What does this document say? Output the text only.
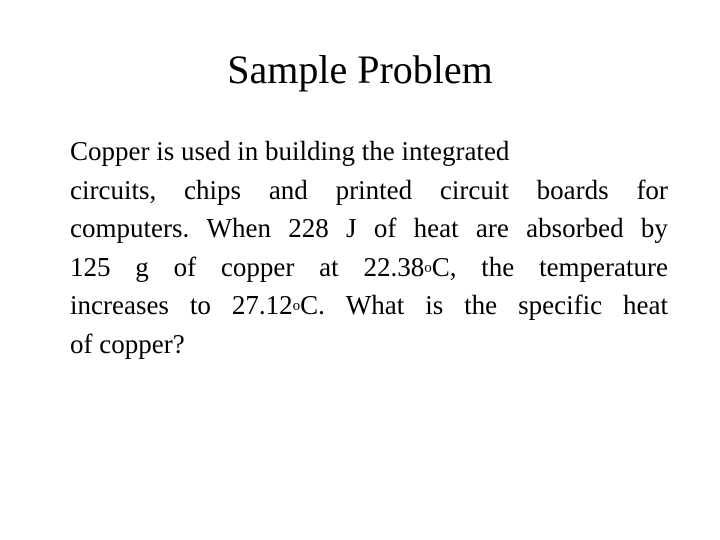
Sample Problem
Copper is used in building the integrated
circuits, chips and printed circuit boards for
computers. When 228 J of heat are absorbed by
125 g of copper at 22.38$^o$C, the temperature
increases to 27.12$^o$C. What is the specific heat
of copper?
